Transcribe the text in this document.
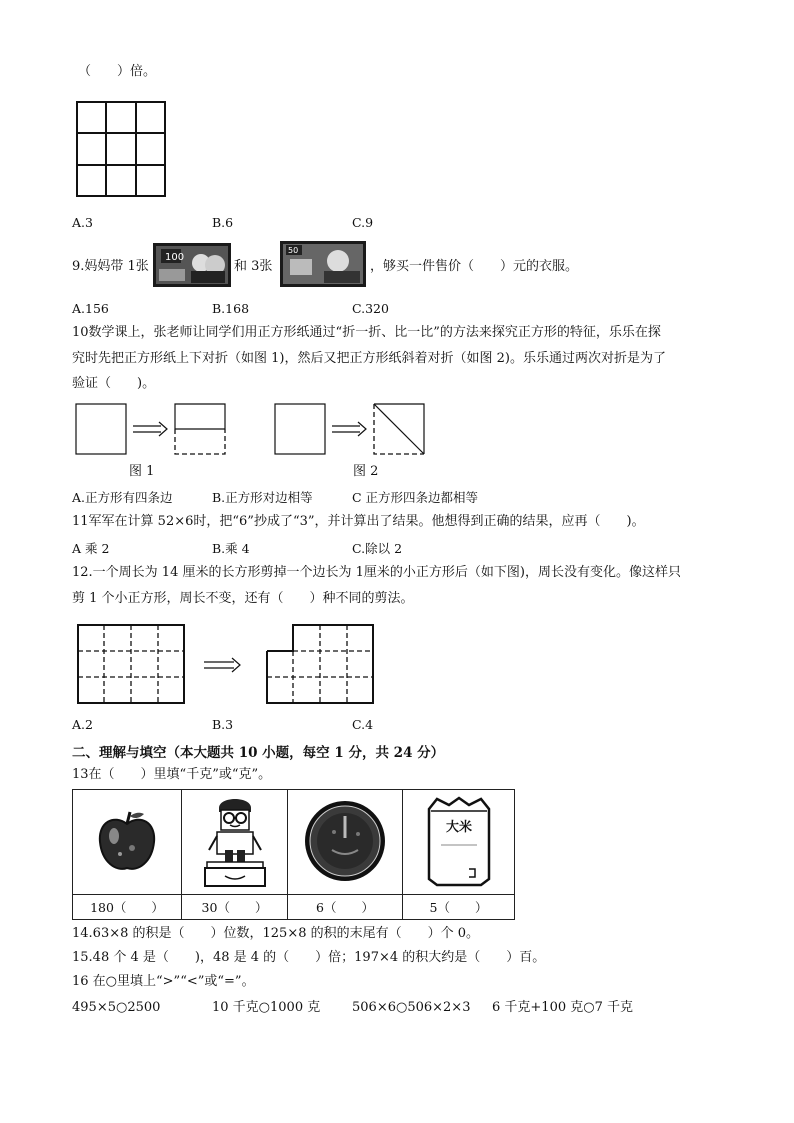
（　　）倍。
A.3	B.6	C.9
9.妈妈带 1张
100
和 3张
50
，够买一件售价（　　）元的衣服。
A.156	B.168	C.320
10数学课上，张老师让同学们用正方形纸通过“折一折、比一比”的方法来探究正方形的特征，乐乐在探
究时先把正方形纸上下对折（如图 1)，然后又把正方形纸斜着对折（如图 2)。乐乐通过两次对折是为了
验证（　　)。
图 1	图 2
A.正方形有四条边	B.正方形对边相等	C 正方形四条边都相等
11军军在计算 52×6时，把“6”抄成了“3”，并计算出了结果。他想得到正确的结果，应再（　　)。
A 乘 2	B.乘 4	C.除以 2
12.一个周长为 14 厘米的长方形剪掉一个边长为 1厘米的小正方形后（如下图)，周长没有变化。像这样只
剪 1 个小正方形，周长不变，还有（　　）种不同的剪法。
A.2	B.3	C.4
二、理解与填空（本大题共 10 小题，每空 1 分，共 24 分）
13在（　　）里填“千克”或“克”。

大米

180（　　）	30（　　）	6（　　）	5（　　）
14.63×8 的积是（　　）位数，125×8 的积的末尾有（　　）个 0。
15.48 个 4 是（　　)，48 是 4 的（　　）倍；197×4 的积大约是（　　）百。
16 在○里填上“>”“<”或“=”。
495×5○2500	10 千克○1000 克 506×6○506×2×3 6 千克+100 克○7 千克
